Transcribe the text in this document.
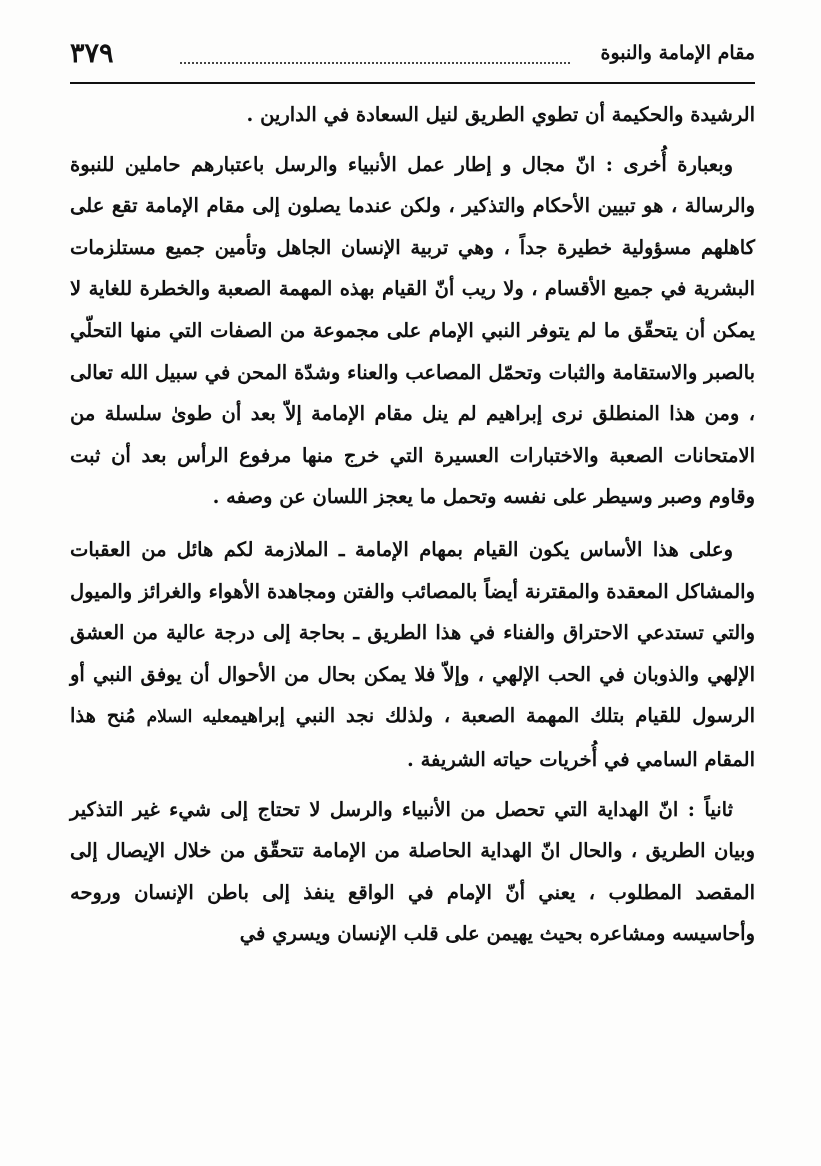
مقام الإمامة والنبوة
٣٧٩

الرشيدة والحكيمة أن تطوي الطريق لنيل السعادة في الدارين .

وبعبارة أُخرى : انّ مجال و إطار عمل الأنبياء والرسل باعتبارهم حاملين للنبوة والرسالة ، هو تبيين الأحكام والتذكير ، ولكن عندما يصلون إلى مقام الإمامة تقع على كاهلهم مسؤولية خطيرة جداً ، وهي تربية الإنسان الجاهل وتأمين جميع مستلزمات البشرية في جميع الأقسام ، ولا ريب أنّ القيام بهذه المهمة الصعبة والخطرة للغاية لا يمكن أن يتحقّق ما لم يتوفر النبي الإمام على مجموعة من الصفات التي منها التحلّي بالصبر والاستقامة والثبات وتحمّل المصاعب والعناء وشدّة المحن في سبيل الله تعالى ، ومن هذا المنطلق نرى إبراهيم لم ينل مقام الإمامة إلاّ بعد أن طوىٰ سلسلة من الامتحانات الصعبة والاختبارات العسيرة التي خرج منها مرفوع الرأس بعد أن ثبت وقاوم وصبر وسيطر على نفسه وتحمل ما يعجز اللسان عن وصفه .

وعلى هذا الأساس يكون القيام بمهام الإمامة ـ الملازمة لكم هائل من العقبات والمشاكل المعقدة والمقترنة أيضاً بالمصائب والفتن ومجاهدة الأهواء والغرائز والميول والتي تستدعي الاحتراق والفناء في هذا الطريق ـ بحاجة إلى درجة عالية من العشق الإلهي والذوبان في الحب الإلهي ، وإلاّ فلا يمكن بحال من الأحوال أن يوفق النبي أو الرسول للقيام بتلك المهمة الصعبة ، ولذلك نجد النبي إبراهيمعليه السلام مُنح هذا المقام السامي في أُخريات حياته الشريفة .

ثانياً : انّ الهداية التي تحصل من الأنبياء والرسل لا تحتاج إلى شيء غير التذكير وبيان الطريق ، والحال انّ الهداية الحاصلة من الإمامة تتحقّق من خلال الإيصال إلى المقصد المطلوب ، يعني أنّ الإمام في الواقع ينفذ إلى باطن الإنسان وروحه وأحاسيسه ومشاعره بحيث يهيمن على قلب الإنسان ويسري في
